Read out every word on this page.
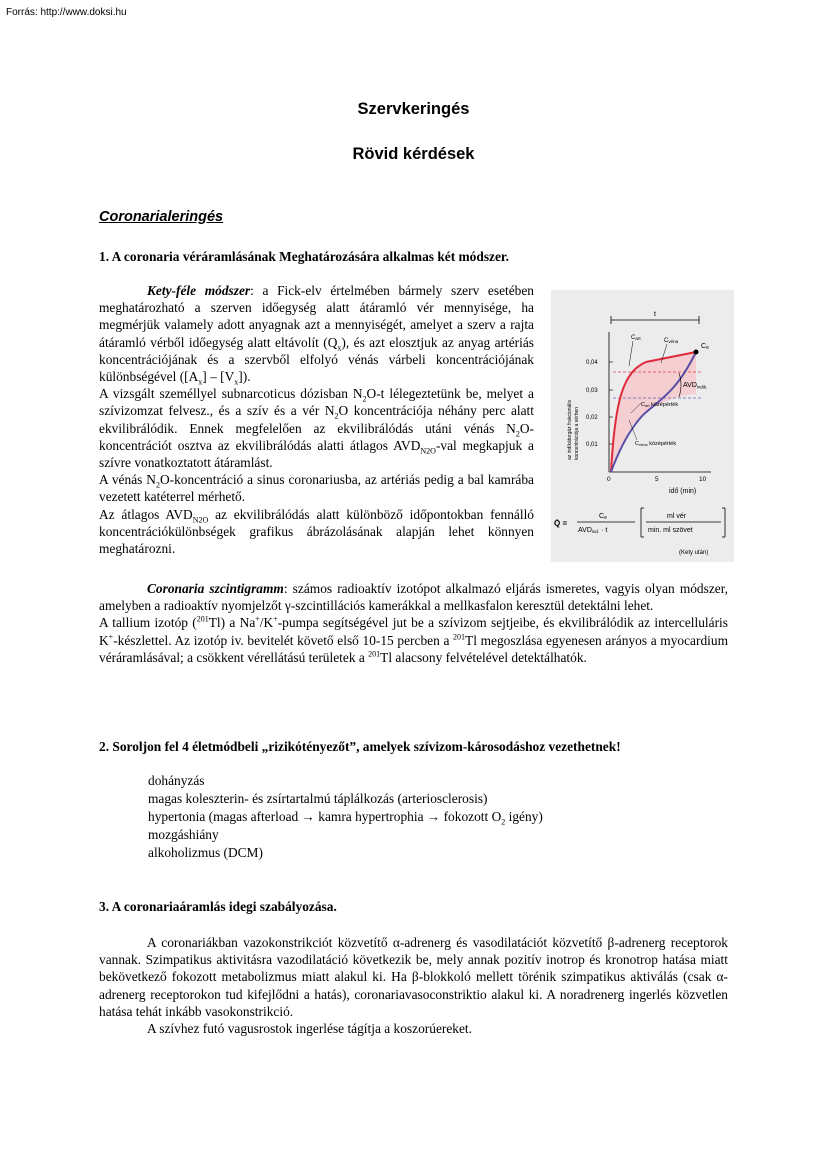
Forrás: http://www.doksi.hu
Szervkeringés
Rövid kérdések
Coronarialeringés
1. A coronaria véráramlásának Meghatározására alkalmas két módszer.

Kety-féle módszer: a Fick-elv értelmében bármely szerv esetében meghatározható a szerven időegység alatt átáramló vér mennyisége, ha megmérjük valamely adott anyagnak azt a mennyiségét, amelyet a szerv a rajta átáramló vérből időegység alatt eltávolít $(Q_x)$, és azt elosztjuk az anyag artériás koncentrációjának és a szervből elfolyó vénás várbeli koncentrációjának különbségével $([A_x] - [V_x])$.

A vizsgált személlyel subnarcoticus dózisban $N_2O-t$ lélegeztetünk be, melyet a szívizomzat felvesz., és a szív és a vér $N_2O$ koncentrációja néhány perc alatt ekvilibrálódik. Ennek megfelelően az ekvilibrálódás utáni vénás $N_2O$-koncentrációt osztva az ekvilibrálódás alatti átlagos $AVD_{N2O}$-val megkapjuk a szívre vonatkoztatott átáramlást.

A vénás $N_2O$-koncentráció a sinus coronariusba, az artériás pedig a bal kamrába vezetett katéterrel mérhető.

Az átlagos $AVD_{N2O}$ az ekvilibrálódás alatt különböző időpontokban fennálló koncentrációkülönbségek grafikus ábrázolásának alapján lehet könnyen meghatározni.

Coronaria szcintigramm: számos radioaktív izotópot alkalmazó eljárás ismeretes, vagyis olyan módszer, amelyben a radioaktív nyomjelzőt γ-szcintillációs kamerákkal a mellkasfalon keresztül detektálni lehet.

A tallium izotóp ($^{201}$Tl) a Na+/K+-pumpa segítségével jut be a szívizom sejtjeibe, és ekvilibrálódik az intercelluláris K+-készlettel. Az izotóp iv. bevitelét követő első 10-15 percben a $^{201}$Tl megoszlása egyenesen arányos a myocardium véráramlásával; a csökkent vérellátású területek a $^{201}$Tl alacsony felvételével detektálhatók.

t
0,04
0,03
0,02
0,01
0	5	10
idő (min)
az indikátorgáz frakcionális koncentrációja a vérben
Cart	Cvéna
Ce
$AVD_{indik.}$
Cart középérték
Cvéna középérték
Q̇ =
Ce
AVDind. · t
ml vér
min. ml szövet
(Kety után)
2. Soroljon fel 4 életmódbeli „rizikótényezőt”, amelyek szívizom-károsodáshoz vezethetnek!
dohányzás
magas koleszterin- és zsírtartalmú táplálkozás (arteriosclerosis)
hypertonia (magas afterload → kamra hypertrophia → fokozott $O_2$ igény)
mozgáshiány
alkoholizmus (DCM)
3. A coronariaáramlás idegi szabályozása.

A coronariákban vazokonstrikciót közvetítő α-adrenerg és vasodilatációt közvetítő β-adrenerg receptorok vannak. Szimpatikus aktivitásra vazodilatáció következik be, mely annak pozitív inotrop és kronotrop hatása miatt bekövetkező fokozott metabolizmus miatt alakul ki. Ha β-blokkoló mellett törénik szimpatikus aktiválás (csak α-adrenerg receptorokon tud kifejlődni a hatás), coronariavasoconstriktio alakul ki. A noradrenerg ingerlés közvetlen hatása tehát inkább vasokonstrikció.

A szívhez futó vagusrostok ingerlése tágítja a koszorúereket.
